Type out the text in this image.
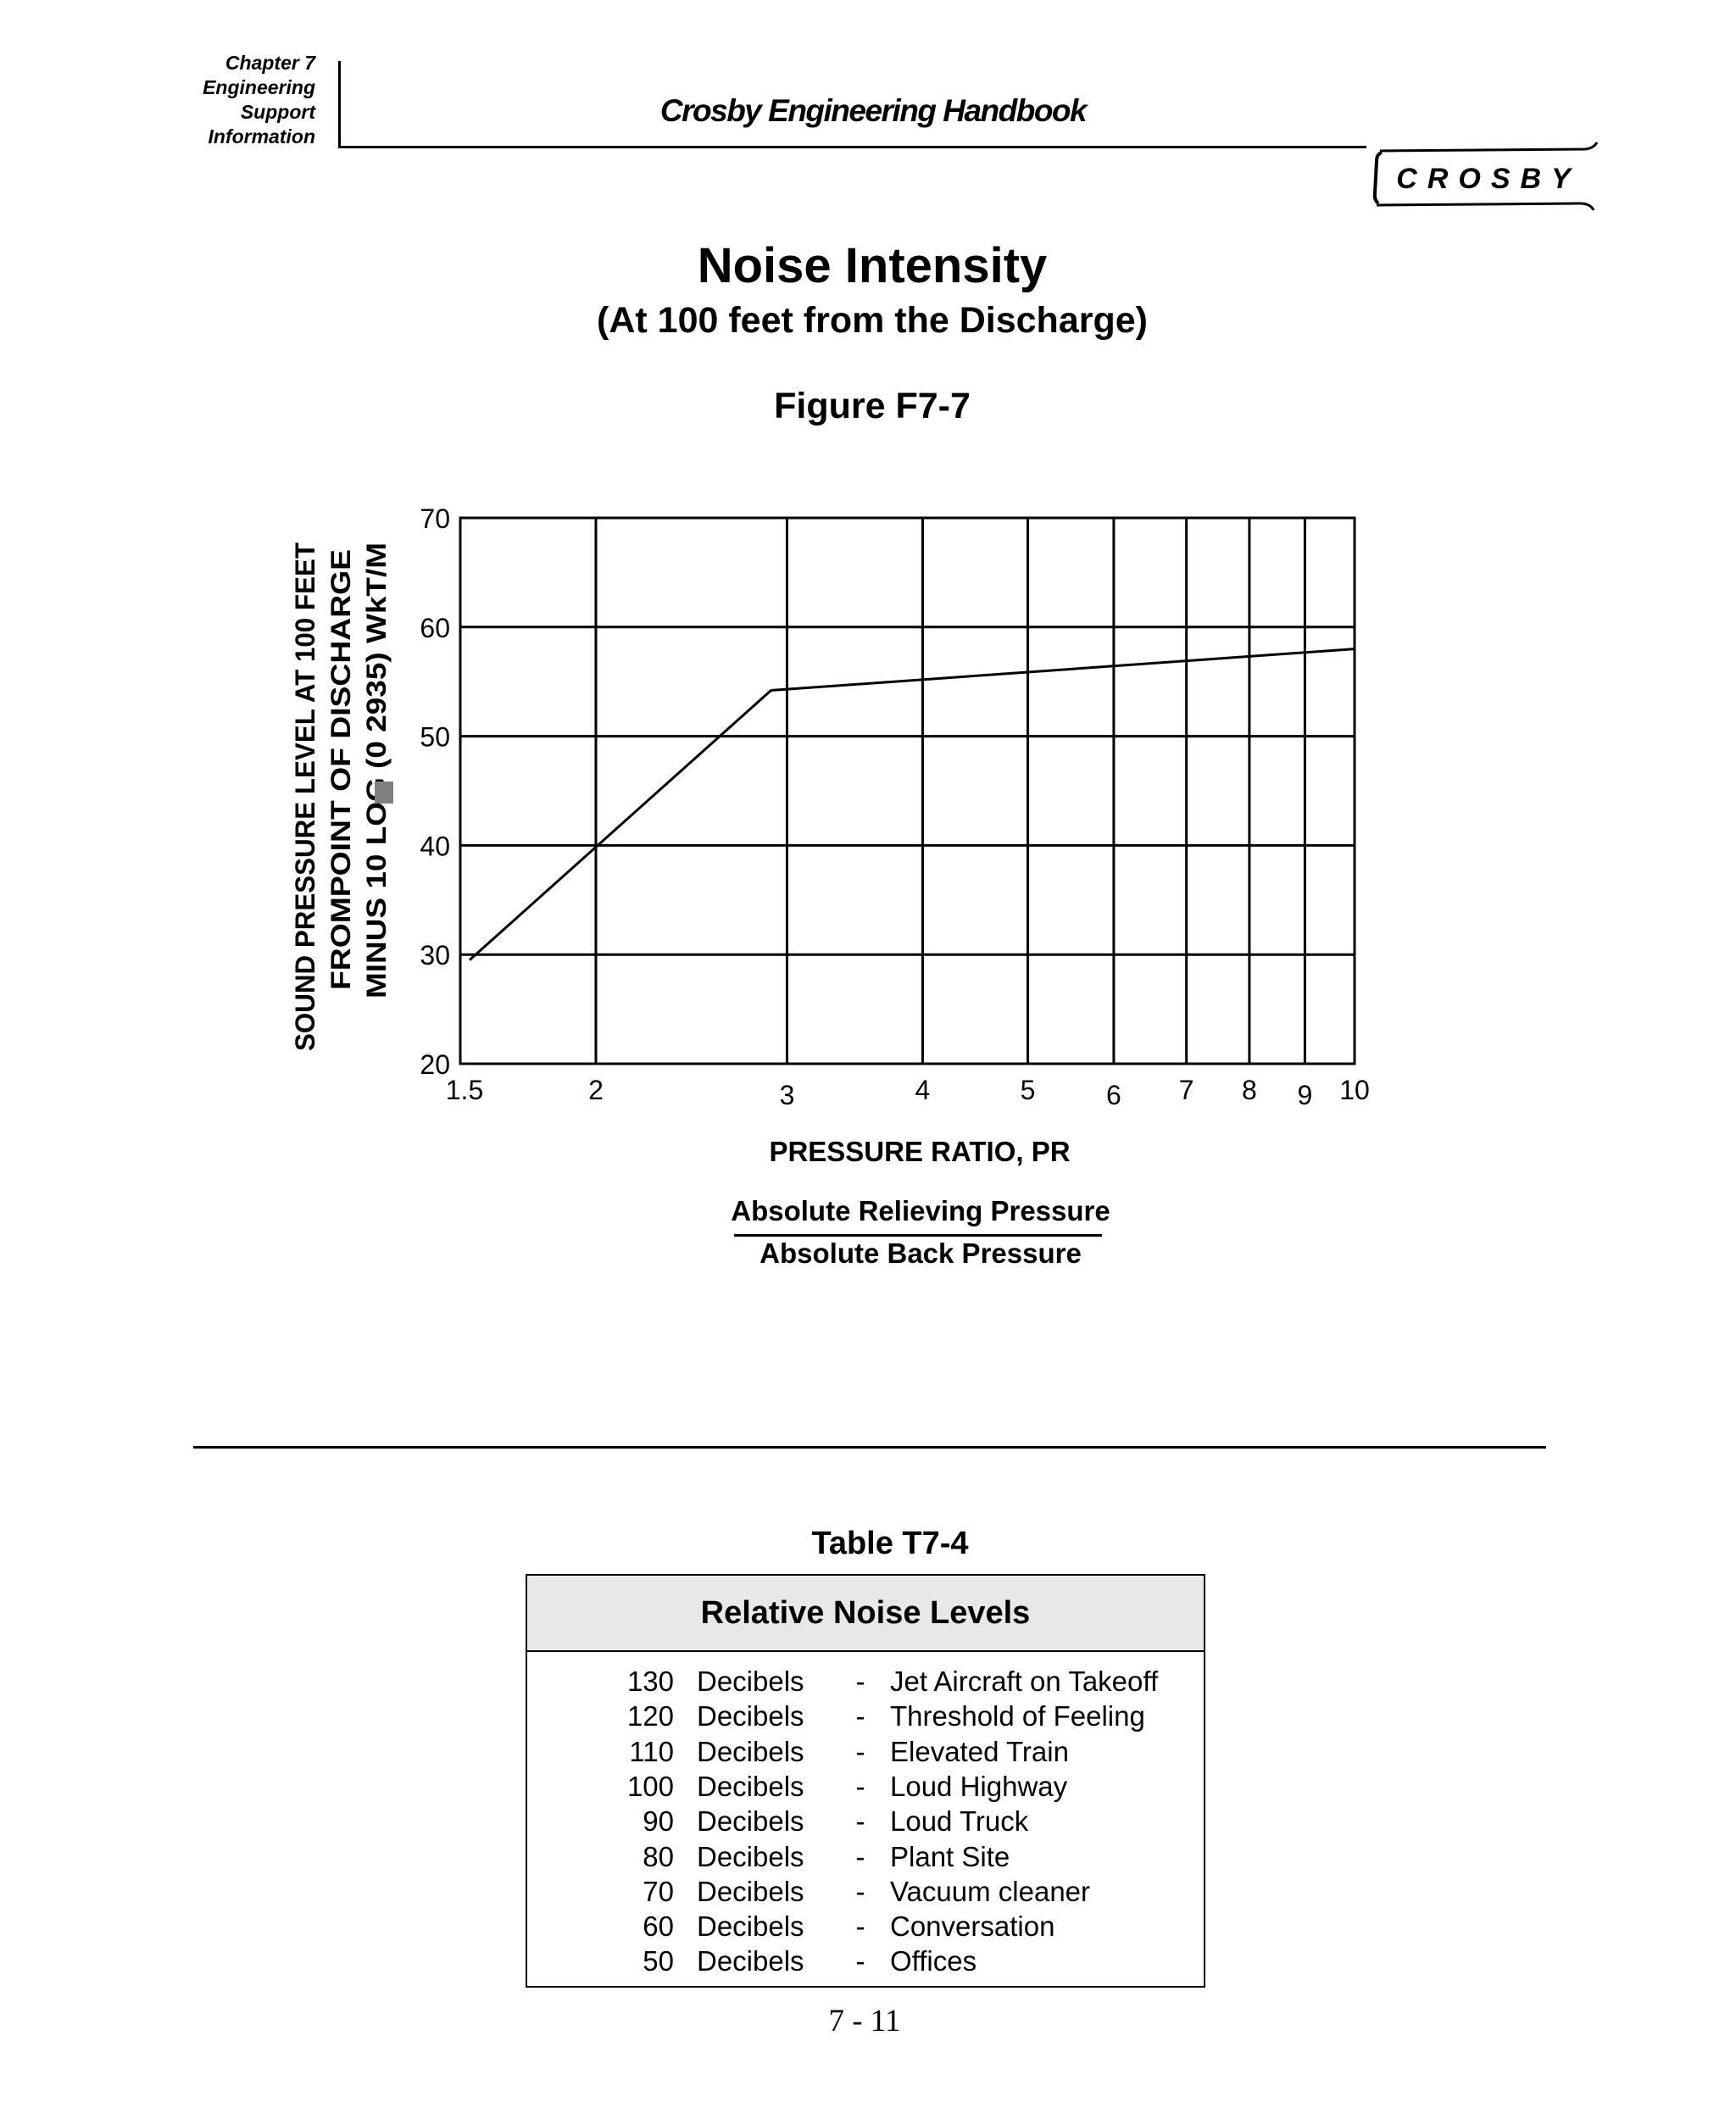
Chapter 7
Engineering
Support
Information
Crosby Engineering Handbook
CROSBY
Noise Intensity
(At 100 feet from the Discharge)
Figure F7-7
20
30
40
50
60
70
1.5	2	3	4	5	6 7 8 9 10
SOUND PRESSURE LEVEL AT 100 FEET FROMPOINT OF DISCHARGE
PRESSURE RATIO, PR
Absolute Relieving Pressure
Absolute Back Pressure
Table T7-4
Relative Noise Levels
130 Decibels - Jet Aircraft on Takeoff
120 Decibels - Threshold of Feeling
110 Decibels - Elevated Train
100 Decibels - Loud Highway
90 Decibels - Loud Truck
80 Decibels - Plant Site
70 Decibels - Vacuum cleaner
60 Decibels - Conversation
50 Decibels - Offices
7 - 11
